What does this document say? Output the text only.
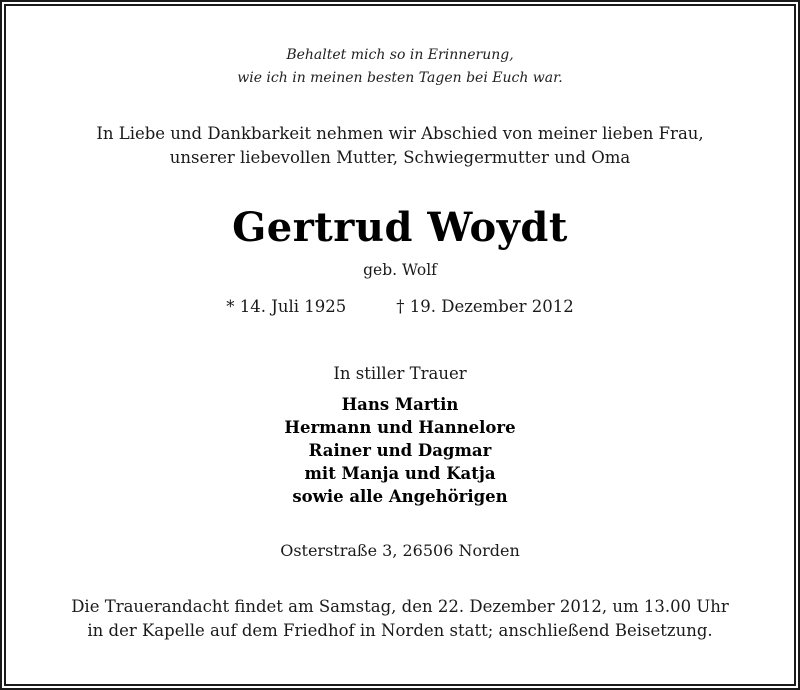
Behaltet mich so in Erinnerung,
wie ich in meinen besten Tagen bei Euch war.
In Liebe und Dankbarkeit nehmen wir Abschied von meiner lieben Frau,
unserer liebevollen Mutter, Schwiegermutter und Oma
Gertrud Woydt
geb. Wolf
* 14. Juli 1925	† 19. Dezember 2012
In stiller Trauer
Hans Martin
Hermann und Hannelore
Rainer und Dagmar
mit Manja und Katja
sowie alle Angehörigen
Osterstraße 3, 26506 Norden
Die Trauerandacht findet am Samstag, den 22. Dezember 2012, um 13.00 Uhr
in der Kapelle auf dem Friedhof in Norden statt; anschließend Beisetzung.
